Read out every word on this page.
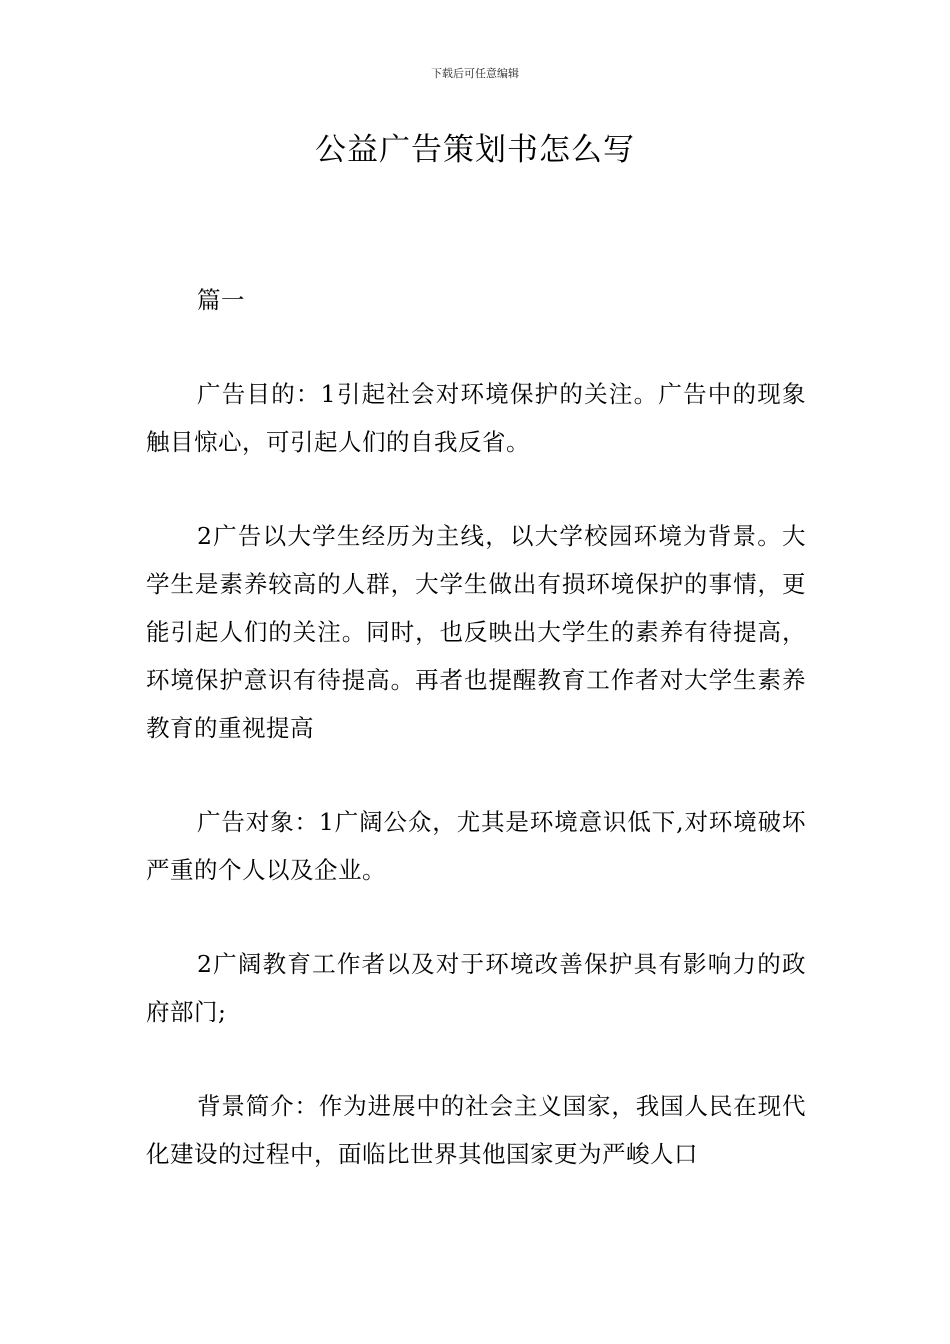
下载后可任意编辑
公益广告策划书怎么写

篇一

广告目的：1引起社会对环境保护的关注。广告中的现象触目惊心，可引起人们的自我反省。

2广告以大学生经历为主线，以大学校园环境为背景。大学生是素养较高的人群，大学生做出有损环境保护的事情，更能引起人们的关注。同时，也反映出大学生的素养有待提高，环境保护意识有待提高。再者也提醒教育工作者对大学生素养教育的重视提高

广告对象：1广阔公众，尤其是环境意识低下,对环境破坏严重的个人以及企业。

2广阔教育工作者以及对于环境改善保护具有影响力的政府部门;

背景简介：作为进展中的社会主义国家，我国人民在现代化建设的过程中，面临比世界其他国家更为严峻人口
